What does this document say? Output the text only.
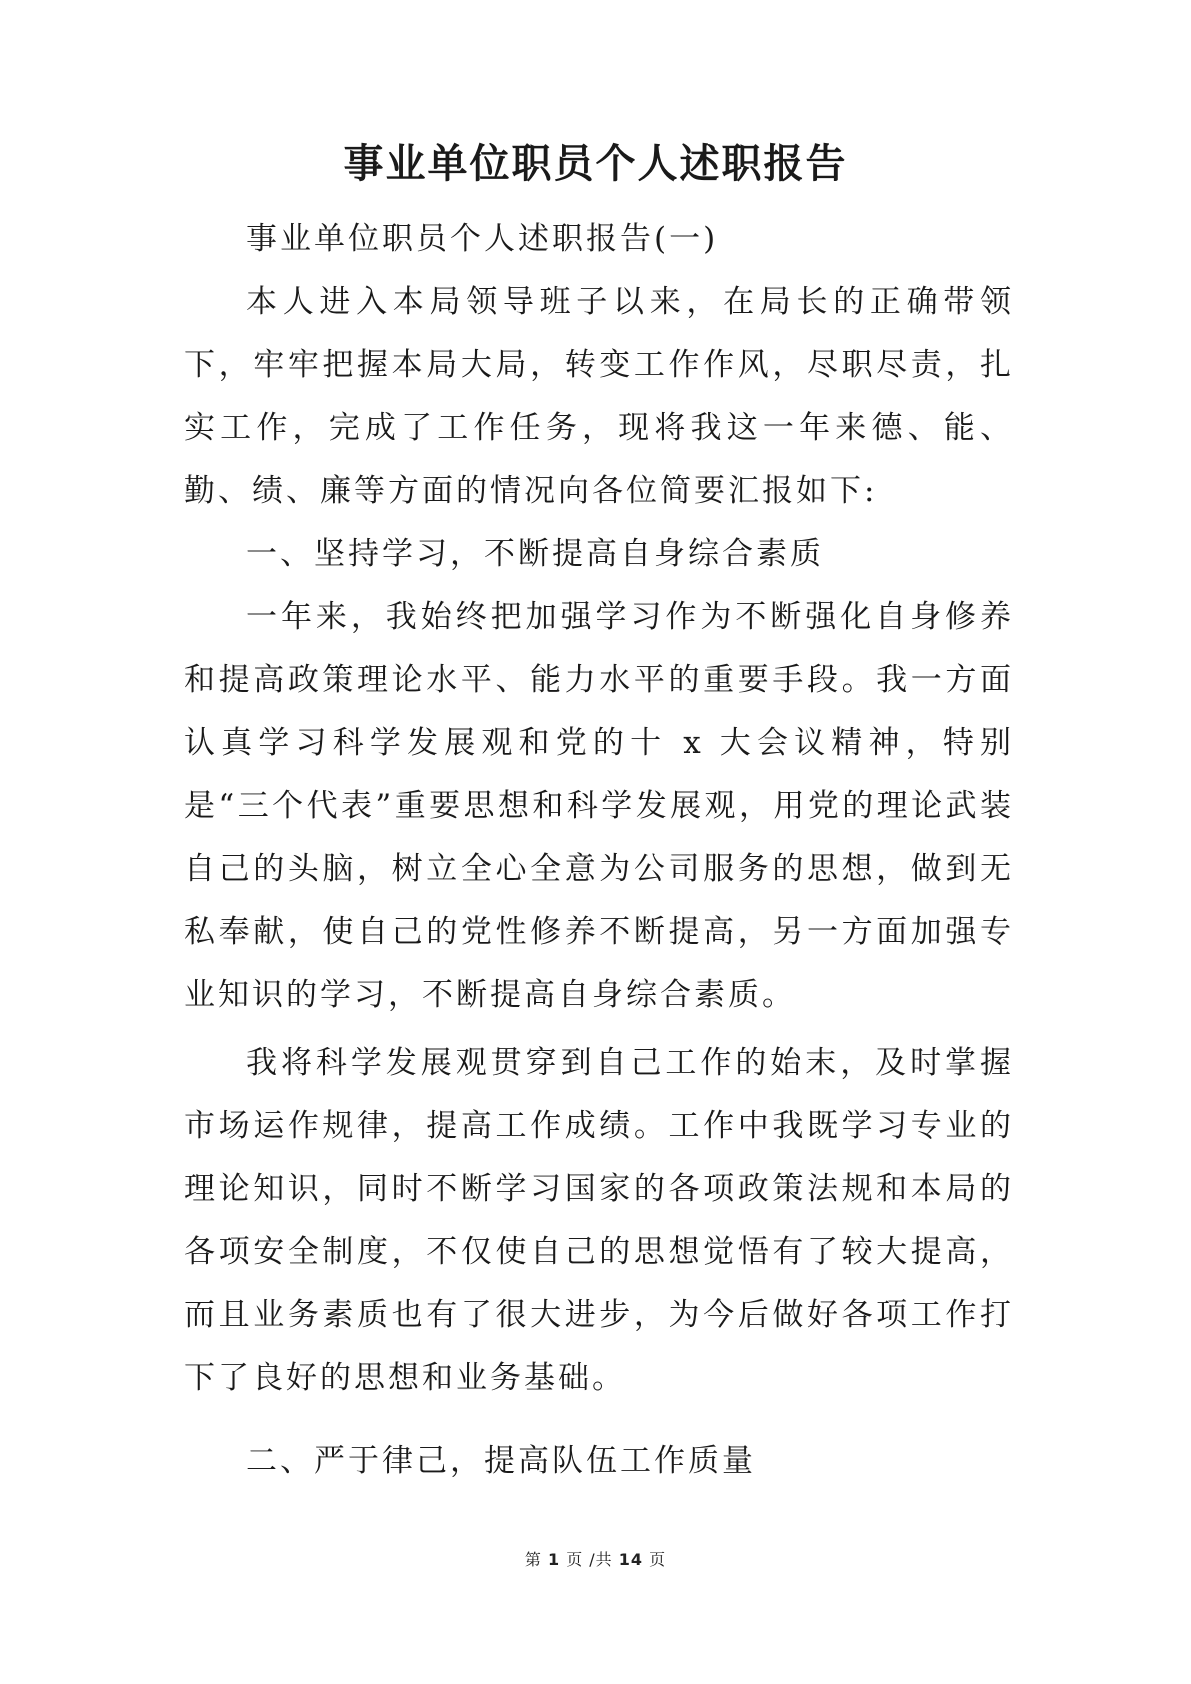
事业单位职员个人述职报告

事业单位职员个人述职报告(一)

本人进入本局领导班子以来，在局长的正确带领下，牢牢把握本局大局，转变工作作风，尽职尽责，扎实工作，完成了工作任务，现将我这一年来德、能、勤、绩、廉等方面的情况向各位简要汇报如下:

一、坚持学习，不断提高自身综合素质

一年来，我始终把加强学习作为不断强化自身修养和提高政策理论水平、能力水平的重要手段。我一方面认真学习科学发展观和党的十 x 大会议精神，特别是“三个代表”重要思想和科学发展观，用党的理论武装自己的头脑，树立全心全意为公司服务的思想，做到无私奉献，使自己的党性修养不断提高，另一方面加强专业知识的学习，不断提高自身综合素质。

我将科学发展观贯穿到自己工作的始末，及时掌握市场运作规律，提高工作成绩。工作中我既学习专业的理论知识，同时不断学习国家的各项政策法规和本局的各项安全制度，不仅使自己的思想觉悟有了较大提高，而且业务素质也有了很大进步，为今后做好各项工作打下了良好的思想和业务基础。

二、严于律己，提高队伍工作质量

第 1 页 /共 14 页
